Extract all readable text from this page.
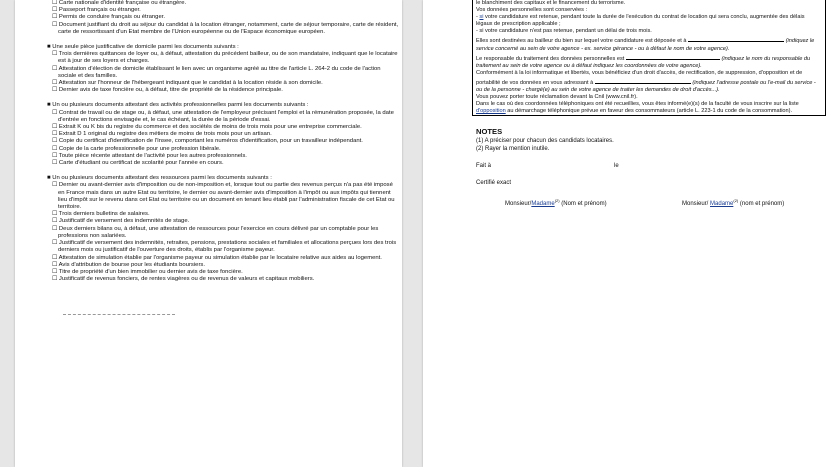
☐ Carte nationale d'identité française ou étrangère.

☐ Passeport français ou étranger.

☐ Permis de conduire français ou étranger.

☐ Document justifiant du droit au séjour du candidat à la location étranger, notamment, carte de séjour temporaire, carte de résident, carte de ressortissant d'un Etat membre de l'Union européenne ou de l'Espace économique européen.

■ Une seule pièce justificative de domicile parmi les documents suivants :

☐ Trois dernières quittances de loyer ou, à défaut, attestation du précédent bailleur, ou de son mandataire, indiquant que le locataire est à jour de ses loyers et charges.

☐ Attestation d'élection de domicile établissant le lien avec un organisme agréé au titre de l'article L. 264-2 du code de l'action sociale et des familles.

☐ Attestation sur l'honneur de l'hébergeant indiquant que le candidat à la location réside à son domicile.

☐ Dernier avis de taxe foncière ou, à défaut, titre de propriété de la résidence principale.

■ Un ou plusieurs documents attestant des activités professionnelles parmi les documents suivants :

☐ Contrat de travail ou de stage ou, à défaut, une attestation de l'employeur précisant l'emploi et la rémunération proposée, la date d'entrée en fonctions envisagée et, le cas échéant, la durée de la période d'essai.

☐ Extrait K ou K bis du registre du commerce et des sociétés de moins de trois mois pour une entreprise commerciale.

☐ Extrait D 1 original du registre des métiers de moins de trois mois pour un artisan.

☐ Copie du certificat d'identification de l'Insee, comportant les numéros d'identification, pour un travailleur indépendant.

☐ Copie de la carte professionnelle pour une profession libérale.

☐ Toute pièce récente attestant de l'activité pour les autres professionnels.

☐ Carte d'étudiant ou certificat de scolarité pour l'année en cours.

■ Un ou plusieurs documents attestant des ressources parmi les documents suivants :

☐ Dernier ou avant-dernier avis d'imposition ou de non-imposition et, lorsque tout ou partie des revenus perçus n'a pas été imposé en France mais dans un autre Etat ou territoire, le dernier ou avant-dernier avis d'imposition à l'impôt ou aux impôts qui tiennent lieu d'impôt sur le revenu dans cet Etat ou territoire ou un document en tenant lieu établi par l'administration fiscale de cet Etat ou territoire.

☐ Trois derniers bulletins de salaires.

☐ Justificatif de versement des indemnités de stage.

☐ Deux derniers bilans ou, à défaut, une attestation de ressources pour l'exercice en cours délivré par un comptable pour les professions non salariées.

☐ Justificatif de versement des indemnités, retraites, pensions, prestations sociales et familiales et allocations perçues lors des trois derniers mois ou justificatif de l'ouverture des droits, établis par l'organisme payeur.

☐ Attestation de simulation établie par l'organisme payeur ou simulation établie par le locataire relative aux aides au logement.

☐ Avis d'attribution de bourse pour les étudiants boursiers.

☐ Titre de propriété d'un bien immobilier ou dernier avis de taxe foncière.

☐ Justificatif de revenus fonciers, de rentes viagères ou de revenus de valeurs et capitaux mobiliers.

le blanchiment des capitaux et le financement du terrorisme.

Vos données personnelles sont conservées :

- si votre candidature est retenue, pendant toute la durée de l'exécution du contrat de location qui sera conclu, augmentée des délais légaux de prescription applicable ;

- si votre candidature n'est pas retenue, pendant un délai de trois mois.

Elles sont destinées au bailleur du bien sur lequel votre candidature est déposée et à	(indiquez le service concerné au sein de votre agence - ex. service gérance - ou à défaut le nom de votre agence).

Le responsable du traitement des données personnelles est	(indiquez le nom du responsable du traitement au sein de votre agence ou à défaut indiquez les coordonnées de votre agence).

Conformément à la loi informatique et libertés, vous bénéficiez d'un droit d'accès, de rectification, de suppression, d'opposition et de portabilité de vos données en vous adressant à	(indiquez l'adresse postale ou l'e-mail du service - ou de la personne - chargé(e) au sein de votre agence de traiter les demandes de droit d'accès...).

Vous pouvez porter toute réclamation devant la Cnil (www.cnil.fr).

Dans le cas où des coordonnées téléphoniques ont été recueillies, vous êtes informé(e)(s) de la faculté de vous inscrire sur la liste d'opposition au démarchage téléphonique prévue en faveur des consommateurs (article L. 223-1 du code de la consommation).

NOTES
(1) A préciser pour chacun des candidats locataires.
(2) Rayer la mention inutile.
Fait à	le
Certifié exact
Monsieur/Madame$^{(2)}$ (Nom et prénom)	Monsieur/ Madame$^{(2)}$ (nom et prénom)
